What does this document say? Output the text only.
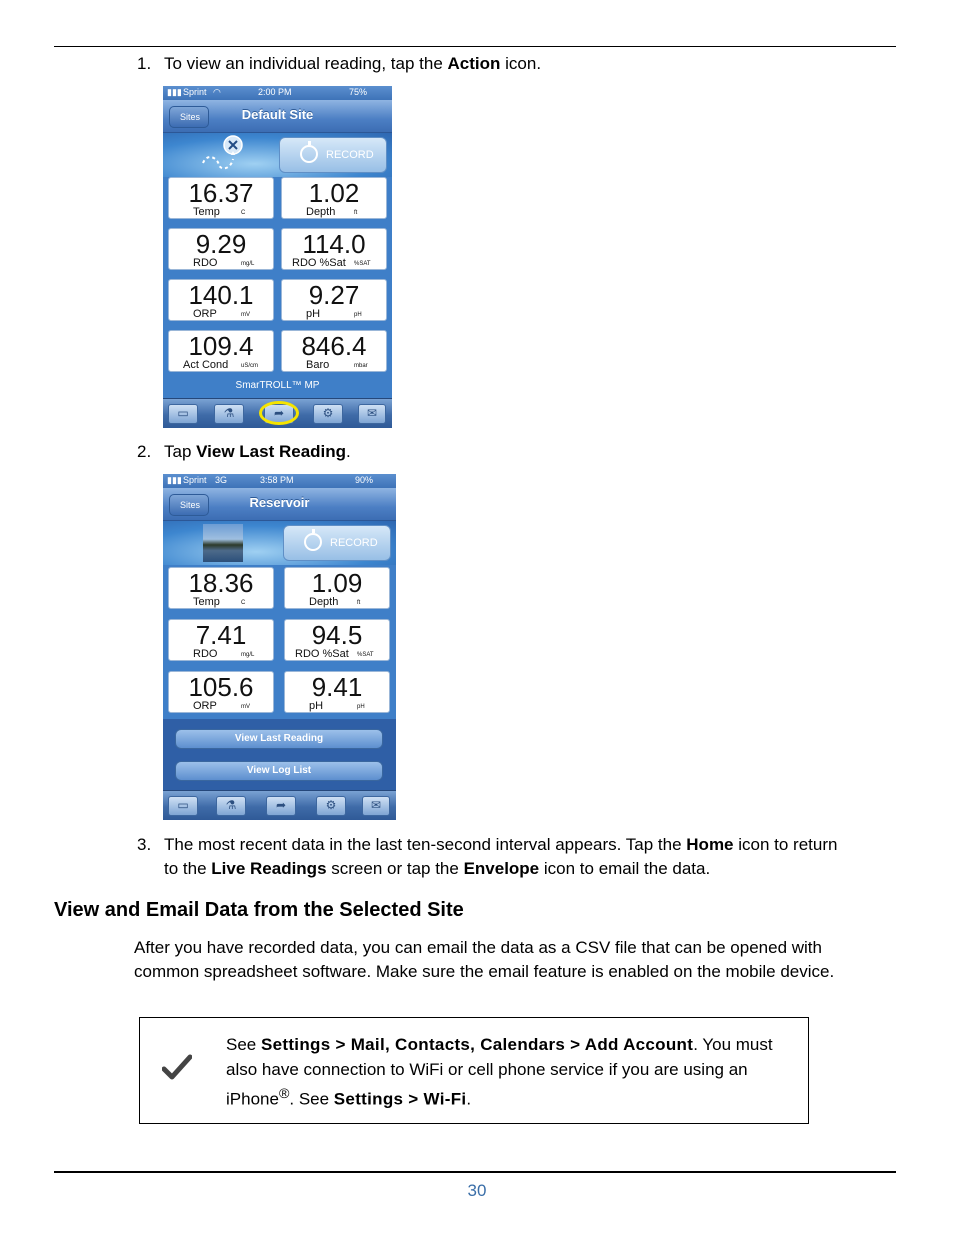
1. To view an individual reading, tap the Action icon.
▮▮▮ Sprint ◠	2:00 PM	75%
Sites	Default Site
RECORD
16.37
Temp	C
1.02
Depth	ft
9.29
RDO	mg/L
114.0
RDO %Sat %SAT
140.1
ORP	mV
9.27
pH	pH
109.4
Act Cond uS/cm
846.4
Baro	mbar
SmarTROLL™ MP
▭	⚗	➦	⚙	✉
2. Tap View Last Reading.
▮▮▮ Sprint 3G	3:58 PM	90%
Sites	Reservoir
RECORD
18.36
Temp	C
1.09
Depth	ft
7.41
RDO	mg/L
94.5
RDO %Sat %SAT
105.6
ORP	mV
9.41
pH	pH
View Last Reading
View Log List
▭	⚗	➦	⚙	✉
3. The most recent data in the last ten-second interval appears. Tap the Home icon to return to the Live Readings screen or tap the Envelope icon to email the data.
View and Email Data from the Selected Site
After you have recorded data, you can email the data as a CSV file that can be opened with common spreadsheet software. Make sure the email feature is enabled on the mobile device.
See Settings > Mail, Contacts, Calendars > Add Account. You must also have connection to WiFi or cell phone service if you are using an iPhone®. See Settings > Wi-Fi.
30
